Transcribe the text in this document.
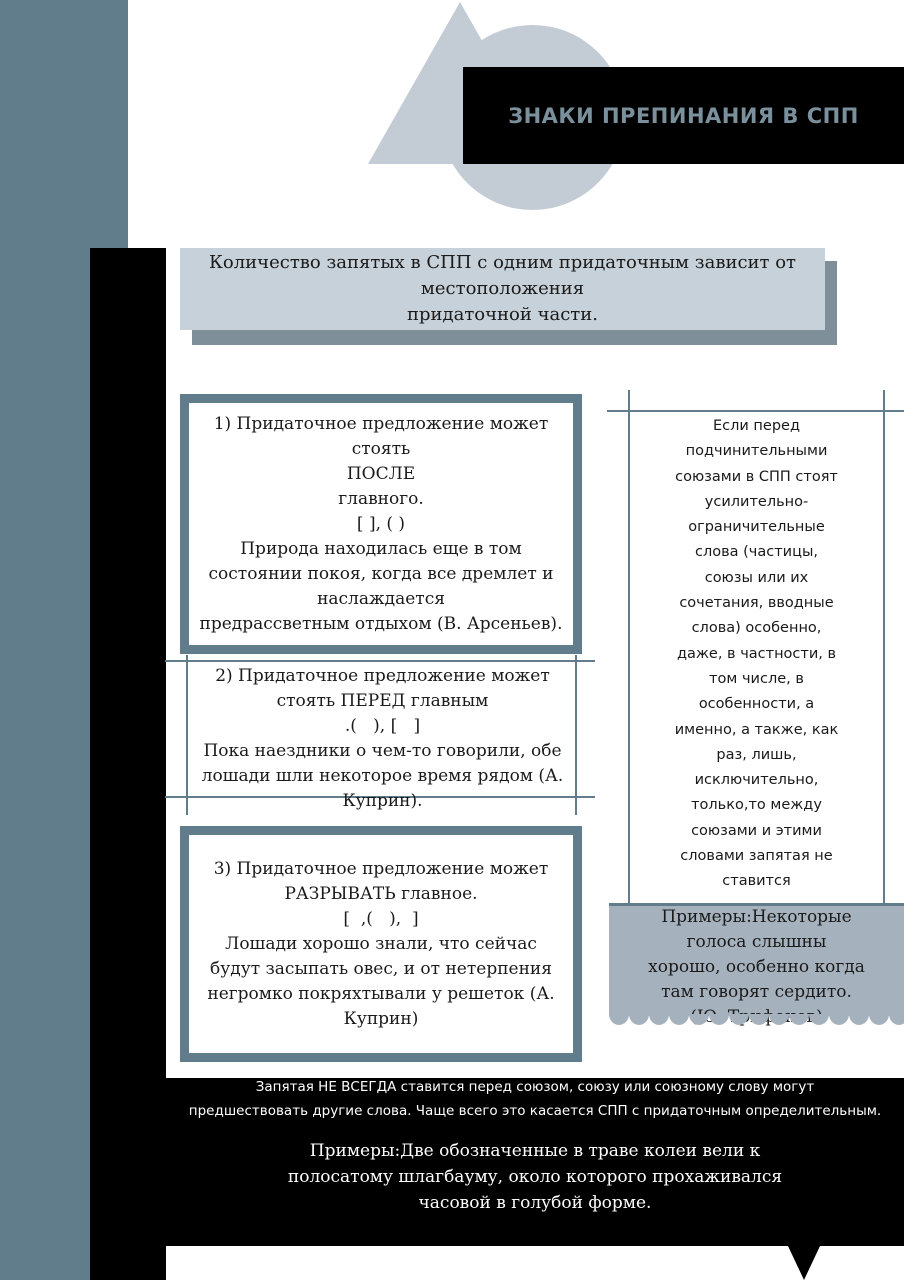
ЗНАКИ ПРЕПИНАНИЯ В СПП
Количество запятых в СПП с одним придаточным зависит от
местоположения
придаточной части.
1) Придаточное предложение может
стоять
ПОСЛЕ
главного.
[ ], ( )
Природа находилась еще в том
состоянии покоя, когда все дремлет и
наслаждается
предрассветным отдыхом (В. Арсеньев).
2) Придаточное предложение может
стоять ПЕРЕД главным
.(   ), [   ]
Пока наездники о чем-то говорили, обе
лошади шли некоторое время рядом (А.
Куприн).
3) Придаточное предложение может
РАЗРЫВАТЬ главное.
[  ,(   ),  ]
Лошади хорошо знали, что сейчас
будут засыпать овес, и от нетерпения
негромко покряхтывали у решеток (А.
Куприн)
Если перед
подчинительными
союзами в СПП стоят
усилительно-
ограничительные
слова (частицы,
союзы или их
сочетания, вводные
слова) особенно,
даже, в частности, в
том числе, в
особенности, а
именно, а также, как
раз, лишь,
исключительно,
только,то между
союзами и этими
словами запятая не
ставится
Примеры:Некоторые
голоса слышны
хорошо, особенно когда
там говорят сердито.
Запятая НЕ ВСЕГДА ставится перед союзом, союзу или союзному слову могут
предшествовать другие слова. Чаще всего это касается СПП с придаточным определительным.
Примеры:Две обозначенные в траве колеи вели к
полосатому шлагбауму, около которого прохаживался
часовой в голубой форме.
